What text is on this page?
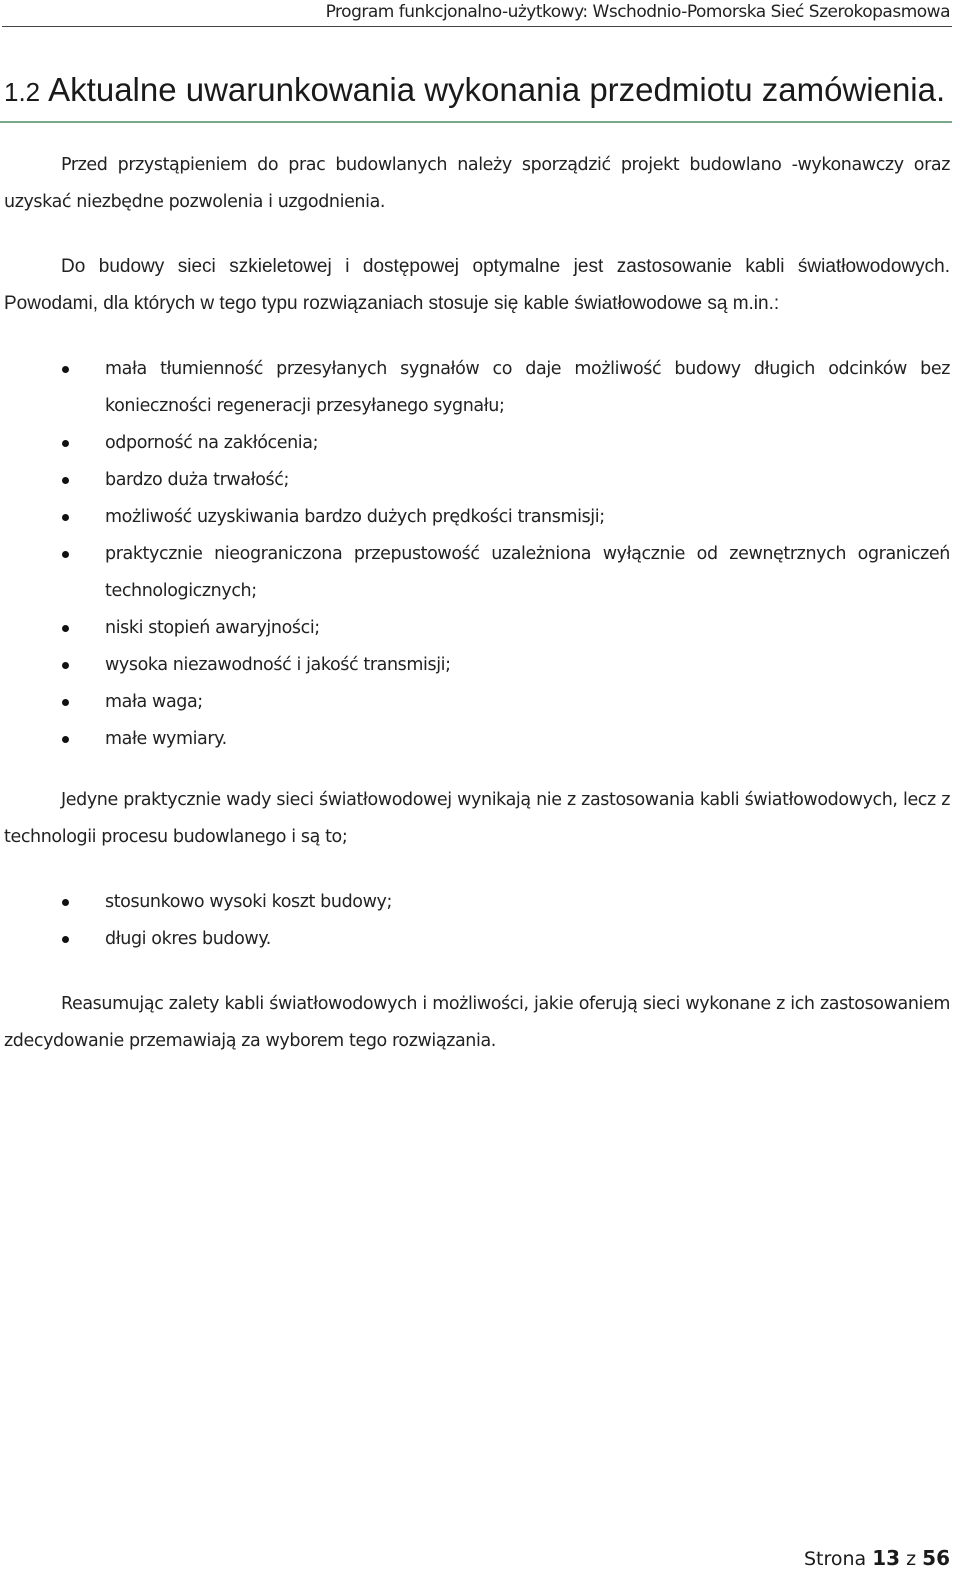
Program funkcjonalno-użytkowy: Wschodnio-Pomorska Sieć Szerokopasmowa
1.2 Aktualne uwarunkowania wykonania przedmiotu zamówienia.

Przed przystąpieniem do prac budowlanych należy sporządzić projekt budowlano -wykonawczy oraz uzyskać niezbędne pozwolenia i uzgodnienia.

Do budowy sieci szkieletowej i dostępowej optymalne jest zastosowanie kabli światłowodowych. Powodami, dla których w tego typu rozwiązaniach stosuje się kable światłowodowe są m.in.:

mała tłumienność przesyłanych sygnałów co daje możliwość budowy długich odcinków bez konieczności regeneracji przesyłanego sygnału;
odporność na zakłócenia;
bardzo duża trwałość;
możliwość uzyskiwania bardzo dużych prędkości transmisji;
praktycznie nieograniczona przepustowość uzależniona wyłącznie od zewnętrznych ograniczeń technologicznych;
niski stopień awaryjności;
wysoka niezawodność i jakość transmisji;
mała waga;
małe wymiary.

Jedyne praktycznie wady sieci światłowodowej wynikają nie z zastosowania kabli światłowodowych, lecz z technologii procesu budowlanego i są to;

stosunkowo wysoki koszt budowy;
długi okres budowy.

Reasumując zalety kabli światłowodowych i możliwości, jakie oferują sieci wykonane z ich zastosowaniem zdecydowanie przemawiają za wyborem tego rozwiązania.

Strona 13 z 56
